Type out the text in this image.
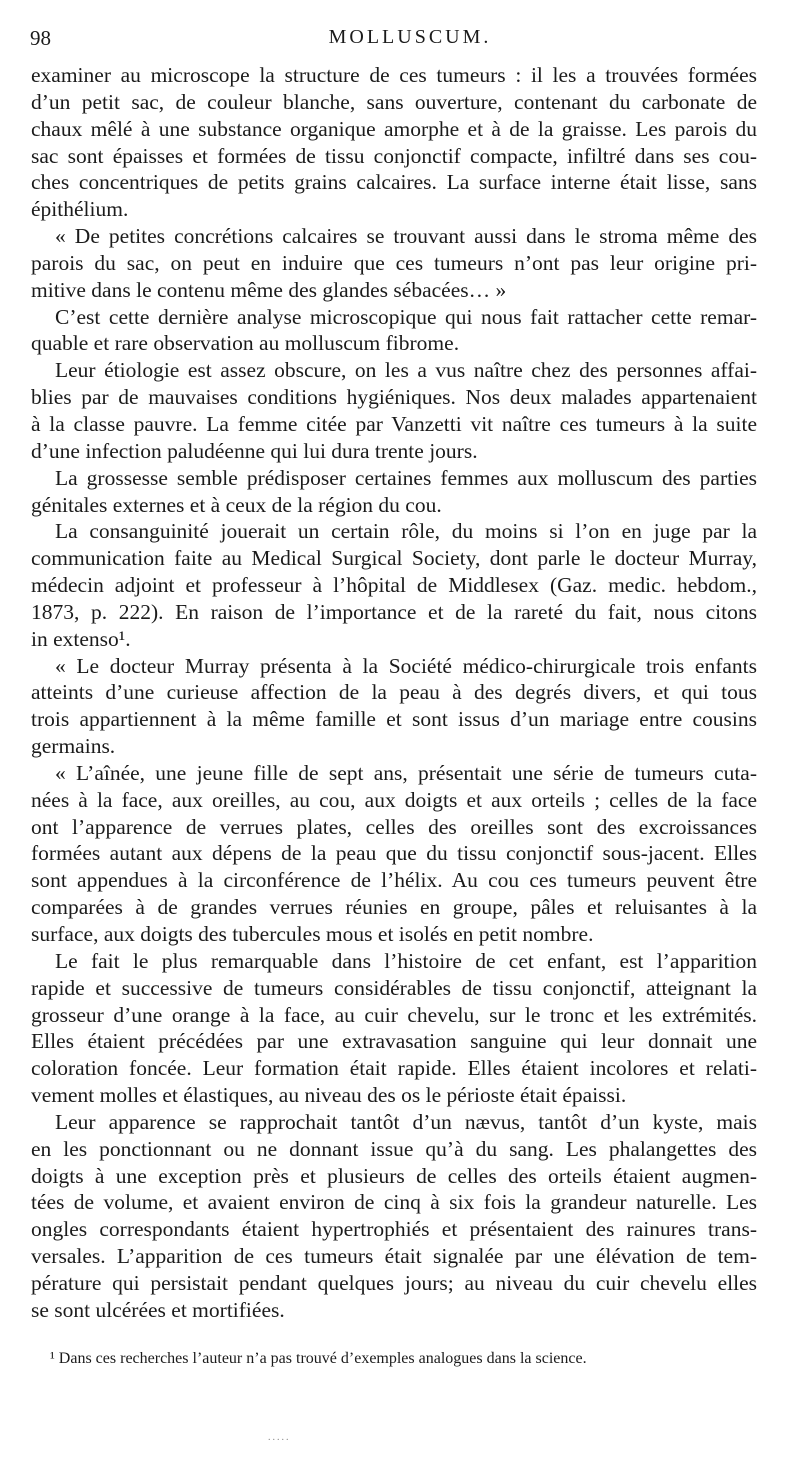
98	MOLLUSCUM.
examiner au microscope la structure de ces tumeurs : il les a trouvées formées
d’un petit sac, de couleur blanche, sans ouverture, contenant du carbonate de
chaux mêlé à une substance organique amorphe et à de la graisse. Les parois du
sac sont épaisses et formées de tissu conjonctif compacte, infiltré dans ses cou-
ches concentriques de petits grains calcaires. La surface interne était lisse, sans
épithélium.
« De petites concrétions calcaires se trouvant aussi dans le stroma même des
parois du sac, on peut en induire que ces tumeurs n’ont pas leur origine pri-
mitive dans le contenu même des glandes sébacées… »
C’est cette dernière analyse microscopique qui nous fait rattacher cette remar-
quable et rare observation au molluscum fibrome.
Leur étiologie est assez obscure, on les a vus naître chez des personnes affai-
blies par de mauvaises conditions hygiéniques. Nos deux malades appartenaient
à la classe pauvre. La femme citée par Vanzetti vit naître ces tumeurs à la suite
d’une infection paludéenne qui lui dura trente jours.
La grossesse semble prédisposer certaines femmes aux molluscum des parties
génitales externes et à ceux de la région du cou.
La consanguinité jouerait un certain rôle, du moins si l’on en juge par la
communication faite au Medical Surgical Society, dont parle le docteur Murray,
médecin adjoint et professeur à l’hôpital de Middlesex (Gaz. medic. hebdom.,
1873, p. 222). En raison de l’importance et de la rareté du fait, nous citons
in extenso¹.
« Le docteur Murray présenta à la Société médico-chirurgicale trois enfants
atteints d’une curieuse affection de la peau à des degrés divers, et qui tous
trois appartiennent à la même famille et sont issus d’un mariage entre cousins
germains.
« L’aînée, une jeune fille de sept ans, présentait une série de tumeurs cuta-
nées à la face, aux oreilles, au cou, aux doigts et aux orteils ; celles de la face
ont l’apparence de verrues plates, celles des oreilles sont des excroissances
formées autant aux dépens de la peau que du tissu conjonctif sous-jacent. Elles
sont appendues à la circonférence de l’hélix. Au cou ces tumeurs peuvent être
comparées à de grandes verrues réunies en groupe, pâles et reluisantes à la
surface, aux doigts des tubercules mous et isolés en petit nombre.
Le fait le plus remarquable dans l’histoire de cet enfant, est l’apparition
rapide et successive de tumeurs considérables de tissu conjonctif, atteignant la
grosseur d’une orange à la face, au cuir chevelu, sur le tronc et les extrémités.
Elles étaient précédées par une extravasation sanguine qui leur donnait une
coloration foncée. Leur formation était rapide. Elles étaient incolores et relati-
vement molles et élastiques, au niveau des os le périoste était épaissi.
Leur apparence se rapprochait tantôt d’un nævus, tantôt d’un kyste, mais
en les ponctionnant ou ne donnant issue qu’à du sang. Les phalangettes des
doigts à une exception près et plusieurs de celles des orteils étaient augmen-
tées de volume, et avaient environ de cinq à six fois la grandeur naturelle. Les
ongles correspondants étaient hypertrophiés et présentaient des rainures trans-
versales. L’apparition de ces tumeurs était signalée par une élévation de tem-
pérature qui persistait pendant quelques jours; au niveau du cuir chevelu elles
se sont ulcérées et mortifiées.
¹ Dans ces recherches l’auteur n’a pas trouvé d’exemples analogues dans la science.
.....
